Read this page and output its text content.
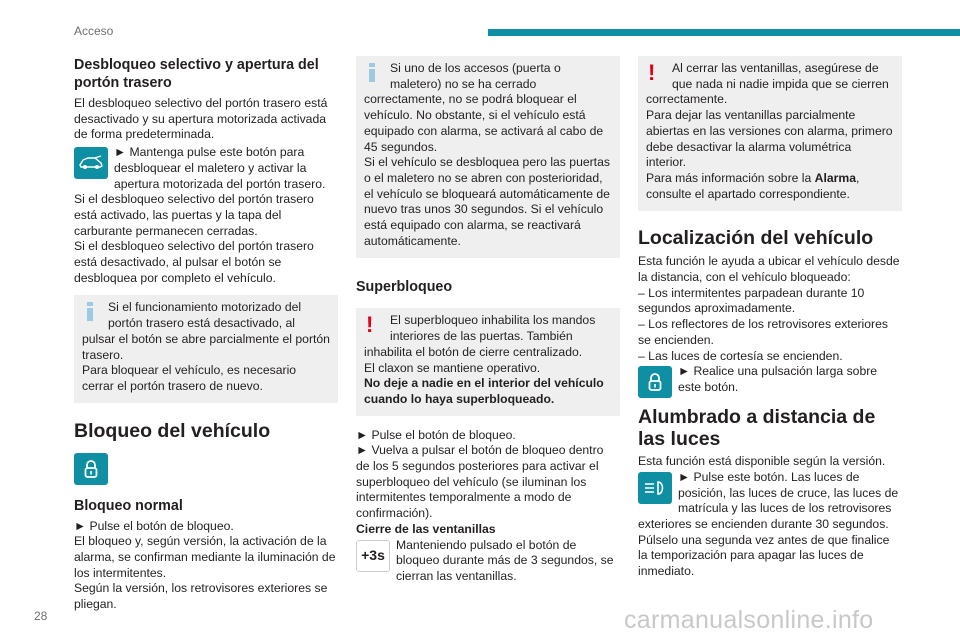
Acceso
Desbloqueo selectivo y apertura del portón trasero

El desbloqueo selectivo del portón trasero está desactivado y su apertura motorizada activada de forma predeterminada.

► Mantenga pulse este botón para desbloquear el maletero y activar la apertura motorizada del portón trasero.

Si el desbloqueo selectivo del portón trasero está activado, las puertas y la tapa del carburante permanecen cerradas.

Si el desbloqueo selectivo del portón trasero está desactivado, al pulsar el botón se desbloquea por completo el vehículo.

Si el funcionamiento motorizado del portón trasero está desactivado, al pulsar el botón se abre parcialmente el portón trasero.

Para bloquear el vehículo, es necesario cerrar el portón trasero de nuevo.

Bloqueo del vehículo
Bloqueo normal

► Pulse el botón de bloqueo.

El bloqueo y, según versión, la activación de la alarma, se confirman mediante la iluminación de los intermitentes.

Según la versión, los retrovisores exteriores se pliegan.

Si uno de los accesos (puerta o maletero) no se ha cerrado correctamente, no se podrá bloquear el vehículo. No obstante, si el vehículo está equipado con alarma, se activará al cabo de 45 segundos.

Si el vehículo se desbloquea pero las puertas o el maletero no se abren con posterioridad, el vehículo se bloqueará automáticamente de nuevo tras unos 30 segundos. Si el vehículo está equipado con alarma, se reactivará automáticamente.

Superbloqueo
!	El superbloqueo inhabilita los mandos interiores de las puertas. También inhabilita el botón de cierre centralizado.

El claxon se mantiene operativo.

No deje a nadie en el interior del vehículo cuando lo haya superbloqueado.

► Pulse el botón de bloqueo.

► Vuelva a pulsar el botón de bloqueo dentro de los 5 segundos posteriores para activar el superbloqueo del vehículo (se iluminan los intermitentes temporalmente a modo de confirmación).

Cierre de las ventanillas

+3s
Manteniendo pulsado el botón de bloqueo durante más de 3 segundos, se cierran las ventanillas.
!	Al cerrar las ventanillas, asegúrese de que nada ni nadie impida que se cierren correctamente.

Para dejar las ventanillas parcialmente abiertas en las versiones con alarma, primero debe desactivar la alarma volumétrica interior.

Para más información sobre la Alarma, consulte el apartado correspondiente.

Localización del vehículo

Esta función le ayuda a ubicar el vehículo desde la distancia, con el vehículo bloqueado:

– Los intermitentes parpadean durante 10 segundos aproximadamente.

– Los reflectores de los retrovisores exteriores se encienden.

– Las luces de cortesía se encienden.

► Realice una pulsación larga sobre este botón.
Alumbrado a distancia de las luces

Esta función está disponible según la versión.

► Pulse este botón. Las luces de posición, las luces de cruce, las luces de matrícula y las luces de los retrovisores exteriores se encienden durante 30 segundos.

Púlselo una segunda vez antes de que finalice la temporización para apagar las luces de inmediato.

28	carmanualsonline.info
